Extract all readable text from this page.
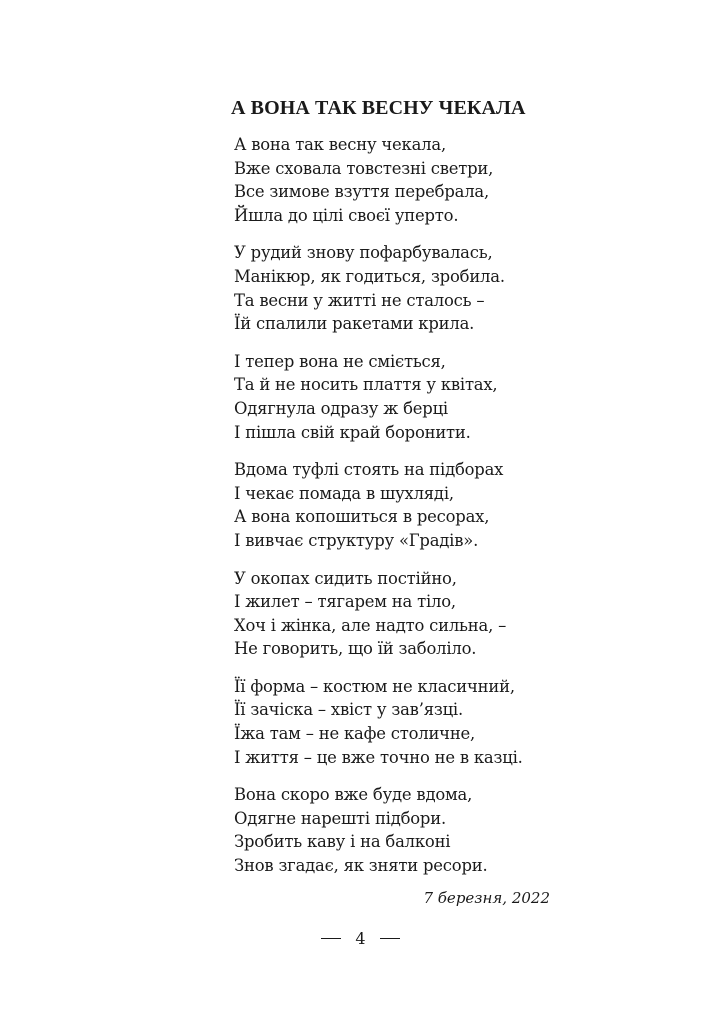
А ВОНА ТАК ВЕСНУ ЧЕКАЛА
А вона так весну чекала,
Вже сховала товстезні светри,
Все зимове взуття перебрала,
Йшла до цілі своєї уперто.
У рудий знову пофарбувалась,
Манікюр, як годиться, зробила.
Та весни у житті не сталось –
Їй спалили ракетами крила.
І тепер вона не сміється,
Та й не носить плаття у квітах,
Одягнула одразу ж берці
І пішла свій край боронити.
Вдома туфлі стоять на підборах
І чекає помада в шухляді,
А вона копошиться в ресорах,
І вивчає структуру «Градів».
У окопах сидить постійно,
І жилет – тягарем на тіло,
Хоч і жінка, але надто сильна, –
Не говорить, що їй заболіло.
Її форма – костюм не класичний,
Її зачіска – хвіст у зав’язці.
Їжа там – не кафе столичне,
І життя – це вже точно не в казці.
Вона скоро вже буде вдома,
Одягне нарешті підбори.
Зробить каву і на балконі
Знов згадає, як зняти ресори.
7 березня, 2022
4
